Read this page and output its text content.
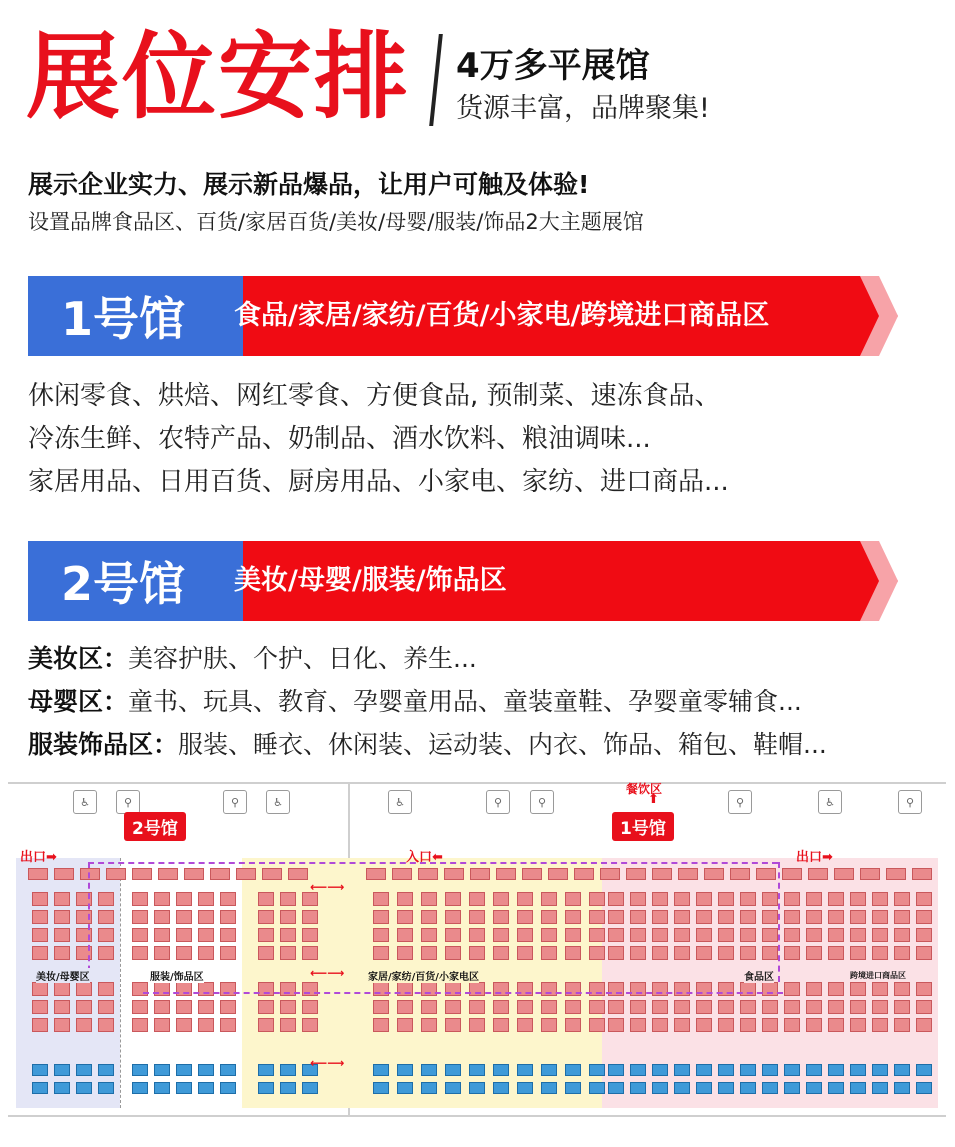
展位安排 4万多平展馆
货源丰富，品牌聚集!
展示企业实力、展示新品爆品，让用户可触及体验!
设置品牌食品区、百货/家居百货/美妆/母婴/服装/饰品2大主题展馆
1号馆	食品/家居/家纺/百货/小家电/跨境进口商品区
休闲零食、烘焙、网红零食、方便食品, 预制菜、速冻食品、
冷冻生鲜、农特产品、奶制品、酒水饮料、粮油调味...
家居用品、日用百货、厨房用品、小家电、家纺、进口商品...
2号馆	美妆/母婴/服装/饰品区
美妆区：美容护肤、个护、日化、养生...
母婴区：童书、玩具、教育、孕婴童用品、童装童鞋、孕婴童零辅食...
服装饰品区：服装、睡衣、休闲装、运动装、内衣、饰品、箱包、鞋帽...
♿	⚲	⚲	♿	♿	⚲	⚲	⚲	♿	⚲
2号馆	1号馆
餐饮区
⬆
出口➡	入口⬅	出口➡
⟵⟶
⟵⟶
⟵⟶
美妆/母婴区	服装/饰品区	家居/家纺/百货/小家电区	食品区	跨境进口商品区
